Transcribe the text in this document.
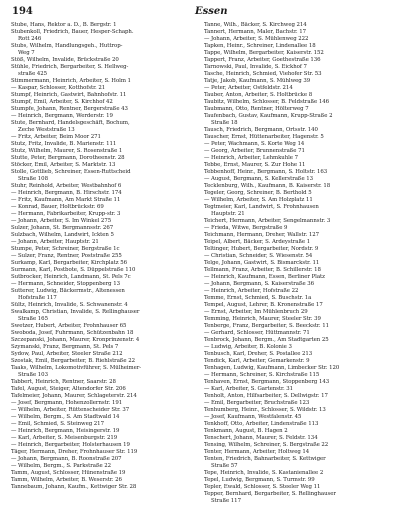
194	Essen
Stube, Hans, Rektor a. D., B. Bergstr. 1
Stubenkoll, Friedrich, Bauer, Hesper-Schaph.
Rott 246
Stubs, Wilhelm, Handlungsgeh., Huttrop-
Weg 7
Stöß, Wilhelm, Invalide, Brückstraße 20
Stühle, Friedrich, Bergarbeiter, S. Hellweg-
straße 425
Stimmermann, Heinrich, Arbeiter, S. Holm 1
— Kaspar, Schlosser, Kotthofstr. 21
Stumpf, Heinrich, Gastwirt, Bahnhofstr. 11
Stumpf, Emil, Arbeiter, S. Kirchhof 42
Stumpfe, Johann, Rentner, Bergerstraße 43
— Heinrich, Bergmann, Werderstr. 19
Stute, Bernhard, Handelsgeschäft, Bochum,
Zeche Weststraße 13
— Fritz, Arbeiter, Beim Moor 271
Stutz, Fritz, Invalide, B. Marienstr. 111
Stutz, Wilhelm, Maurer, S. Rosenstraße 1
Stutte, Peter, Bergmann, Dorotheenstr. 28
Stöcker, Emil, Arbeiter, S. Marktstr. 13
Stolle, Gottlieb, Schreiner, Essen-Ruttscheid
Straße 108
Stuhr, Reinhold, Arbeiter, Westbahnhof 6
— Heinrich, Bergmann, B. Hirschstr. 174
— Fritz, Kaufmann, Am Markt Straße 11
— Konrad, Bauer, Holtbrückstr. 69
— Hermann, Fabrikarbeiter, Krupp-str. 3
— Johann, Arbeiter, S. Im Winkel 275
Sulzer, Johann, St. Bergmannsstr. 267
Sulzbach, Wilhelm, Landwirt, Ickten 5
— Johann, Arbeiter, Hauptstr. 21
Stumpe, Peter, Schreiner, Bergstraße 1c
— Sulzer, Franz, Rentner, Poststraße 255
Surkamp, Karl, Bergarbeiter, Kirchplatz 56
Surmann, Karl, Postbote, S. Düppelstraße 110
Sutbrocker, Heinrich, Landmann, St. Pels 7c
— Hermann, Schneider, Stoppenberg 13
Sutterer, Ludwig, Bäckermstr., Altenessen
Hofstraße 117
Sültz, Heinrich, Invalide, S. Schwanenstr. 4
Swalkamp, Christian, Invalide, S. Rellinghauser
Straße 165
Swetzer, Hubert, Arbeiter, Frohnhauser 65
Swoboda, Josef, Fuhrmann, Schützenbahn 18
Szczepanski, Johann, Maurer, Kronprinzenstr. 4
Szymanski, Franz, Bergmann, St. Pels 7
Sydow, Paul, Arbeiter, Steeler Straße 212
Szostak, Emil, Bergarbeiter, B. Riehlstraße 22
Taaks, Wilhelm, Lokomotivführer, S. Mülheimer-
Straße 103
Tabbert, Heinrich, Rentner, Saarstr. 28
Tafel, August, Steiger, Altendorfer Str. 206
Tafelmeier, Johann, Maurer, Schlageterstr. 214
— Josef, Bergmann, Hohenzollernstr. 191
— Wilhelm, Arbeiter, Rüttenscheider Str. 37
— Wilhelm, Bergm., S. Am Stadtwald 14
— Emil, Schmied, S. Steinweg 217
— Heinrich, Bergmann, Heisingerstr. 19
— Karl, Arbeiter, S. Meisenburgstr. 219
— Heinrich, Bergarbeiter, Holsterhausen 19
Täger, Hermann, Dreher, Frohnhauser Str. 119
— Johann, Bergmann, B. Roonstraße 207
— Wilhelm, Bergm., S. Parkstraße 22
Tamm, August, Schlosser, Hünenstraße 19
Tamm, Wilhelm, Arbeiter, B. Weserstr. 26
Tannebaum, Johann, Kaufm., Kettwiger Str. 28
Tanne, Wilh., Bäcker, S. Kirchweg 214
Tannert, Hermann, Maler, Bachstr. 17
— Johann, Arbeiter, S. Mühlenweg 222
Tapken, Heinr., Schreiner, Lindenallee 18
Tappe, Wilhelm, Bergarbeiter, Kaiserstr. 152
Tappert, Franz, Arbeiter, Goethestraße 136
Tarnowski, Paul, Invalide, S. Eickhof 7
Tasche, Heinrich, Schmied, Viehofer Str. 53
Tatje, Jakob, Kaufmann, S. Mühlweg 39
— Peter, Arbeiter, Ostfeldstr. 214
Tauber, Anton, Arbeiter, S. Holtbrücke 8
Taubitz, Wilhelm, Schlosser, B. Feldstraße 146
Taubmann, Otto, Rentner, Hölterweg 7
Taufenbach, Gustav, Kaufmann, Krupp-Straße 2
Straße 18
Tausch, Friedrich, Bergmann, Ortsstr. 140
Tauscher, Ernst, Hüttenarbeiter, Hagenstr. 5
— Peter, Wachmann, S. Korte Weg 14
— Georg, Arbeiter, Brunnenstraße 71
— Heinrich, Arbeiter, Lehmkuhle 7
Tebbe, Ernst, Maurer, S. Zur Hohe 11
Tebbenhoff, Heinr., Bergmann, S. Holtstr. 163
— August, Bergmann, S. Kellerstraße 13
Tecklenburg, Wilh., Kaufmann, B. Kaiserstr. 18
Tegeler, Georg, Schreiner, B. Berthold 5
— Wilhelm, Arbeiter, S. Am Holzplatz 11
Tegtmeier, Karl, Landwirt, S. Frohnhausen
Hauptstr. 21
Teichert, Hermann, Arbeiter, Sengelmannstr. 3
— Frieda, Witwe, Bergstraße 9
Teichmann, Hermann, Dreher, Wallstr. 127
Teipel, Albert, Bäcker, S. Ardeystraße 1
Teltinger, Hubert, Bergarbeiter, Nordstr. 9
— Christian, Schneider, S. Wiesenstr. 54
Telge, Johann, Gastwirt, S. Bismarckstr. 11
Tellmann, Franz, Arbeiter, B. Schillerstr. 18
— Heinrich, Kaufmann, Essen, Berliner Platz
— Johann, Bergmann, S. Kaiserstraße 36
— Heinrich, Arbeiter, Hofstraße 22
Temme, Ernst, Schmied, S. Buschstr. 1a
Tempel, August, Lehrer, B. Kronenstraße 17
— Ernst, Arbeiter, Im Mühlenbruch 29
Temming, Heinrich, Maurer, Steeler Str. 39
Tenberge, Franz, Bergarbeiter, S. Beeckstr. 11
— Gerhard, Schlosser, Hüttmannstr. 71
Tenbrock, Johann, Bergm., Am Stadtgarten 25
— Ludwig, Arbeiter, B. Kolonie 3
Tenbusch, Karl, Dreher, S. Postallee 213
Tendick, Karl, Arbeiter, Gemarkenstr. 9
Tenhagen, Ludwig, Kaufmann, Limbecker Str. 120
— Hermann, Schreiner, S. Kirchstraße 115
Tenhaven, Ernst, Bergmann, Stoppenberg 143
— Karl, Arbeiter, S. Gartenstr. 31
Tenholt, Anton, Hilfsarbeiter, S. Dellwigstr. 17
— Emil, Bergarbeiter, Bruchstraße 123
Tenhumberg, Heinr., Schlosser, S. Wildstr. 13
— Josef, Kaufmann, Westfalenstr. 45
Tenkhoff, Otto, Arbeiter, Lindenstraße 113
Tenkmann, August, B. Hagen 2
Tenschert, Johann, Maurer, S. Feldstr. 134
Tensing, Wilhelm, Schreiner, S. Bergstraße 22
Tenter, Hermann, Arbeiter, Holtweg 14
Tenten, Friedrich, Bahnarbeiter, S. Kettwiger
Straße 57
Tepe, Heinrich, Invalide, S. Kastanienallee 2
Tepel, Ludwig, Bergmann, S. Turmstr. 99
Tepler, Ewald, Schlosser, S. Steeler Weg 11
Tepper, Bernhard, Bergarbeiter, S. Rellinghauser
Straße 117
